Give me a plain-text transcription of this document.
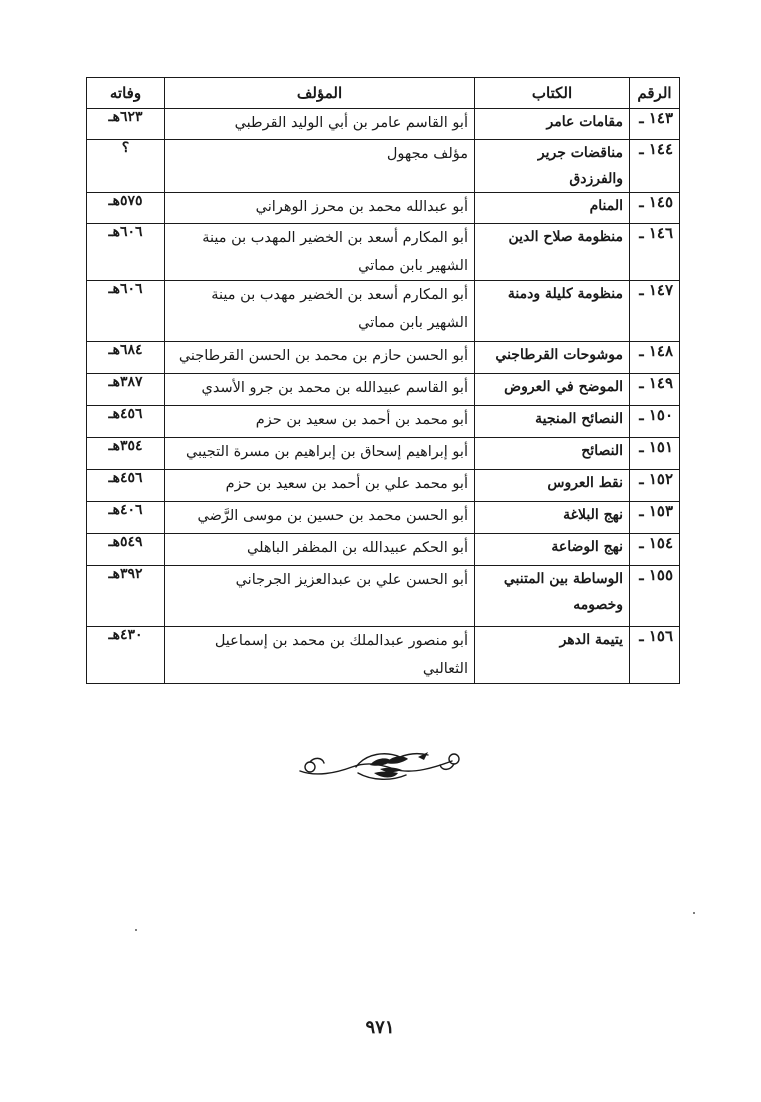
الرقم	الكتاب	المؤلف	وفاته
١٤٣ ـ	مقامات عامر	أبو القاسم عامر بن أبي الوليد القرطبي	٦٢٣هـ
١٤٤ ـ	مناقضات جرير والفرزدق	مؤلف مجهول	؟
١٤٥ ـ	المنام	أبو عبدالله محمد بن محرز الوهراني	٥٧٥هـ
١٤٦ ـ	منظومة صلاح الدين	أبو المكارم أسعد بن الخضير المهدب بن مينة الشهير بابن مماتي	٦٠٦هـ
١٤٧ ـ	منظومة كليلة ودمنة	أبو المكارم أسعد بن الخضير مهدب بن مينة الشهير بابن مماتي	٦٠٦هـ
١٤٨ ـ	موشوحات القرطاجني	أبو الحسن حازم بن محمد بن الحسن القرطاجني	٦٨٤هـ
١٤٩ ـ	الموضح في العروض	أبو القاسم عبيدالله بن محمد بن جرو الأسدي	٣٨٧هـ
١٥٠ ـ	النصائح المنجية	أبو محمد بن أحمد بن سعيد بن حزم	٤٥٦هـ
١٥١ ـ	النصائح	أبو إبراهيم إسحاق بن إبراهيم بن مسرة التجيبي	٣٥٤هـ
١٥٢ ـ	نقط العروس	أبو محمد علي بن أحمد بن سعيد بن حزم	٤٥٦هـ
١٥٣ ـ	نهج البلاغة	أبو الحسن محمد بن حسين بن موسى الرَّضي	٤٠٦هـ
١٥٤ ـ	نهج الوضاعة	أبو الحكم عبيدالله بن المظفر الباهلي	٥٤٩هـ
١٥٥ ـ	الوساطة بين المتنبي وخصومه	أبو الحسن علي بن عبدالعزيز الجرجاني	٣٩٢هـ
١٥٦ ـ	يتيمة الدهر	أبو منصور عبدالملك بن محمد بن إسماعيل الثعالبي	٤٣٠هـ
٩٧١
